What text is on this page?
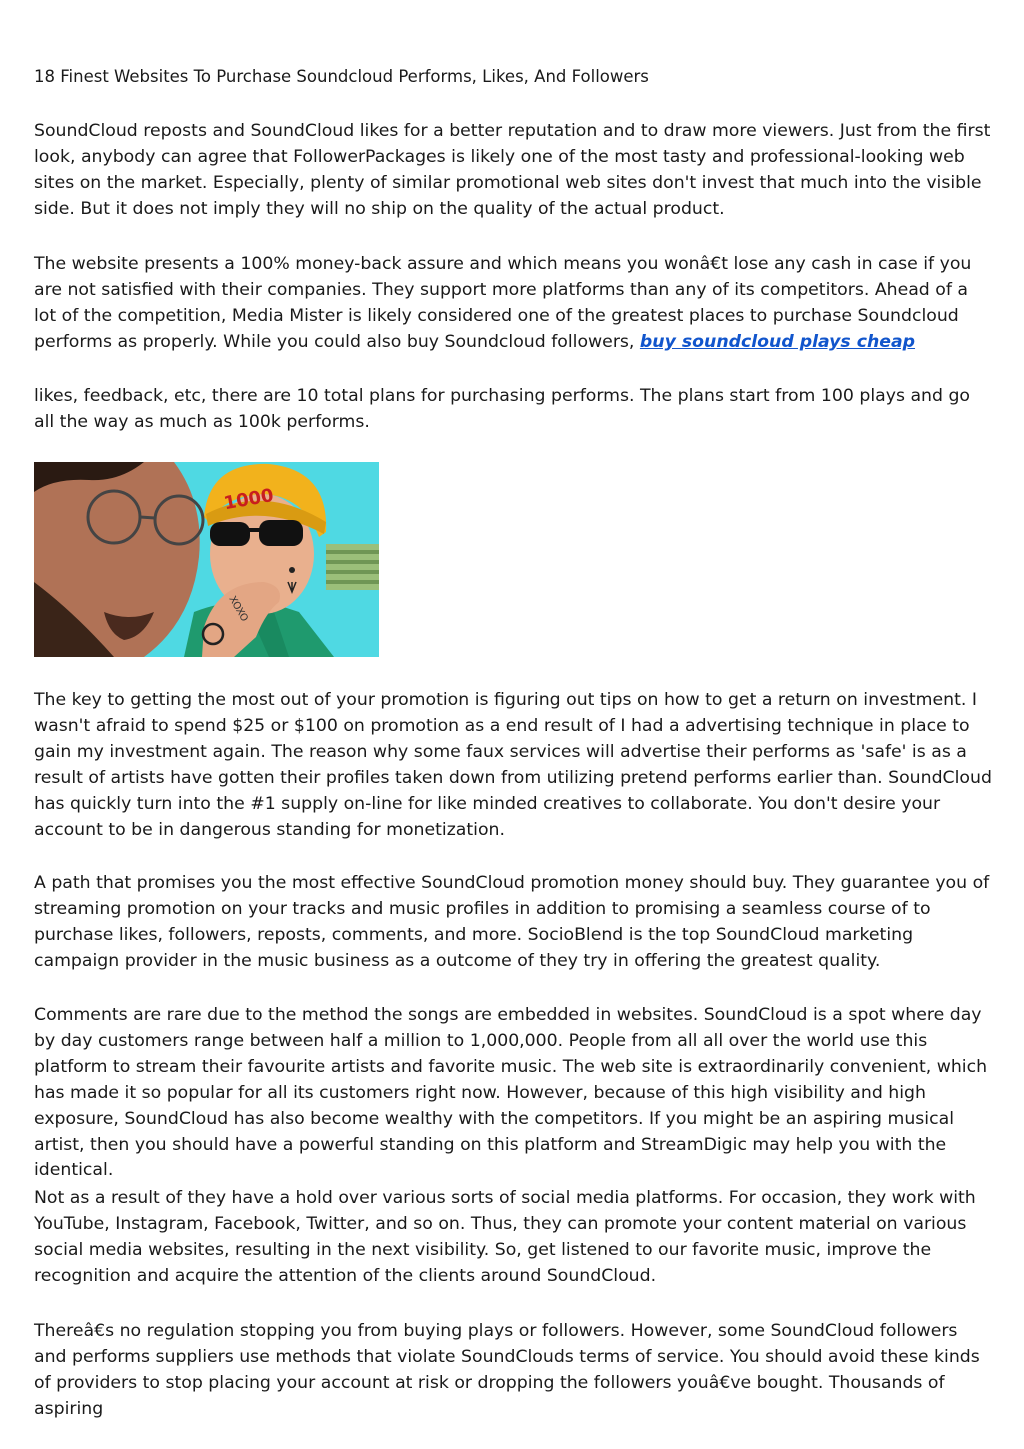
18 Finest Websites To Purchase Soundcloud Performs, Likes, And Followers

SoundCloud reposts and SoundCloud likes for a better reputation and to draw more viewers. Just from the first look, anybody can agree that FollowerPackages is likely one of the most tasty and professional-looking web sites on the market. Especially, plenty of similar promotional web sites don't invest that much into the visible side. But it does not imply they will no ship on the quality of the actual product.

The website presents a 100% money-back assure and which means you wonâ€t lose any cash in case if you are not satisfied with their companies. They support more platforms than any of its competitors. Ahead of a lot of the competition, Media Mister is likely considered one of the greatest places to purchase Soundcloud performs as properly. While you could also buy Soundcloud followers, buy soundcloud plays cheap

likes, feedback, etc, there are 10 total plans for purchasing performs. The plans start from 100 plays and go all the way as much as 100k performs.

1000
XOXO

The key to getting the most out of your promotion is figuring out tips on how to get a return on investment. I wasn't afraid to spend $25 or $100 on promotion as a end result of I had a advertising technique in place to gain my investment again. The reason why some faux services will advertise their performs as 'safe' is as a result of artists have gotten their profiles taken down from utilizing pretend performs earlier than. SoundCloud has quickly turn into the #1 supply on-line for like minded creatives to collaborate. You don't desire your account to be in dangerous standing for monetization.

A path that promises you the most effective SoundCloud promotion money should buy. They guarantee you of streaming promotion on your tracks and music profiles in addition to promising a seamless course of to purchase likes, followers, reposts, comments, and more. SocioBlend is the top SoundCloud marketing campaign provider in the music business as a outcome of they try in offering the greatest quality.

Comments are rare due to the method the songs are embedded in websites. SoundCloud is a spot where day by day customers range between half a million to 1,000,000. People from all all over the world use this platform to stream their favourite artists and favorite music. The web site is extraordinarily convenient, which has made it so popular for all its customers right now. However, because of this high visibility and high exposure, SoundCloud has also become wealthy with the competitors. If you might be an aspiring musical artist, then you should have a powerful standing on this platform and StreamDigic may help you with the identical.

Not as a result of they have a hold over various sorts of social media platforms. For occasion, they work with YouTube, Instagram, Facebook, Twitter, and so on. Thus, they can promote your content material on various social media websites, resulting in the next visibility. So, get listened to our favorite music, improve the recognition and acquire the attention of the clients around SoundCloud.

Thereâ€s no regulation stopping you from buying plays or followers. However, some SoundCloud followers and performs suppliers use methods that violate SoundClouds terms of service. You should avoid these kinds of providers to stop placing your account at risk or dropping the followers youâ€ve bought. Thousands of aspiring
